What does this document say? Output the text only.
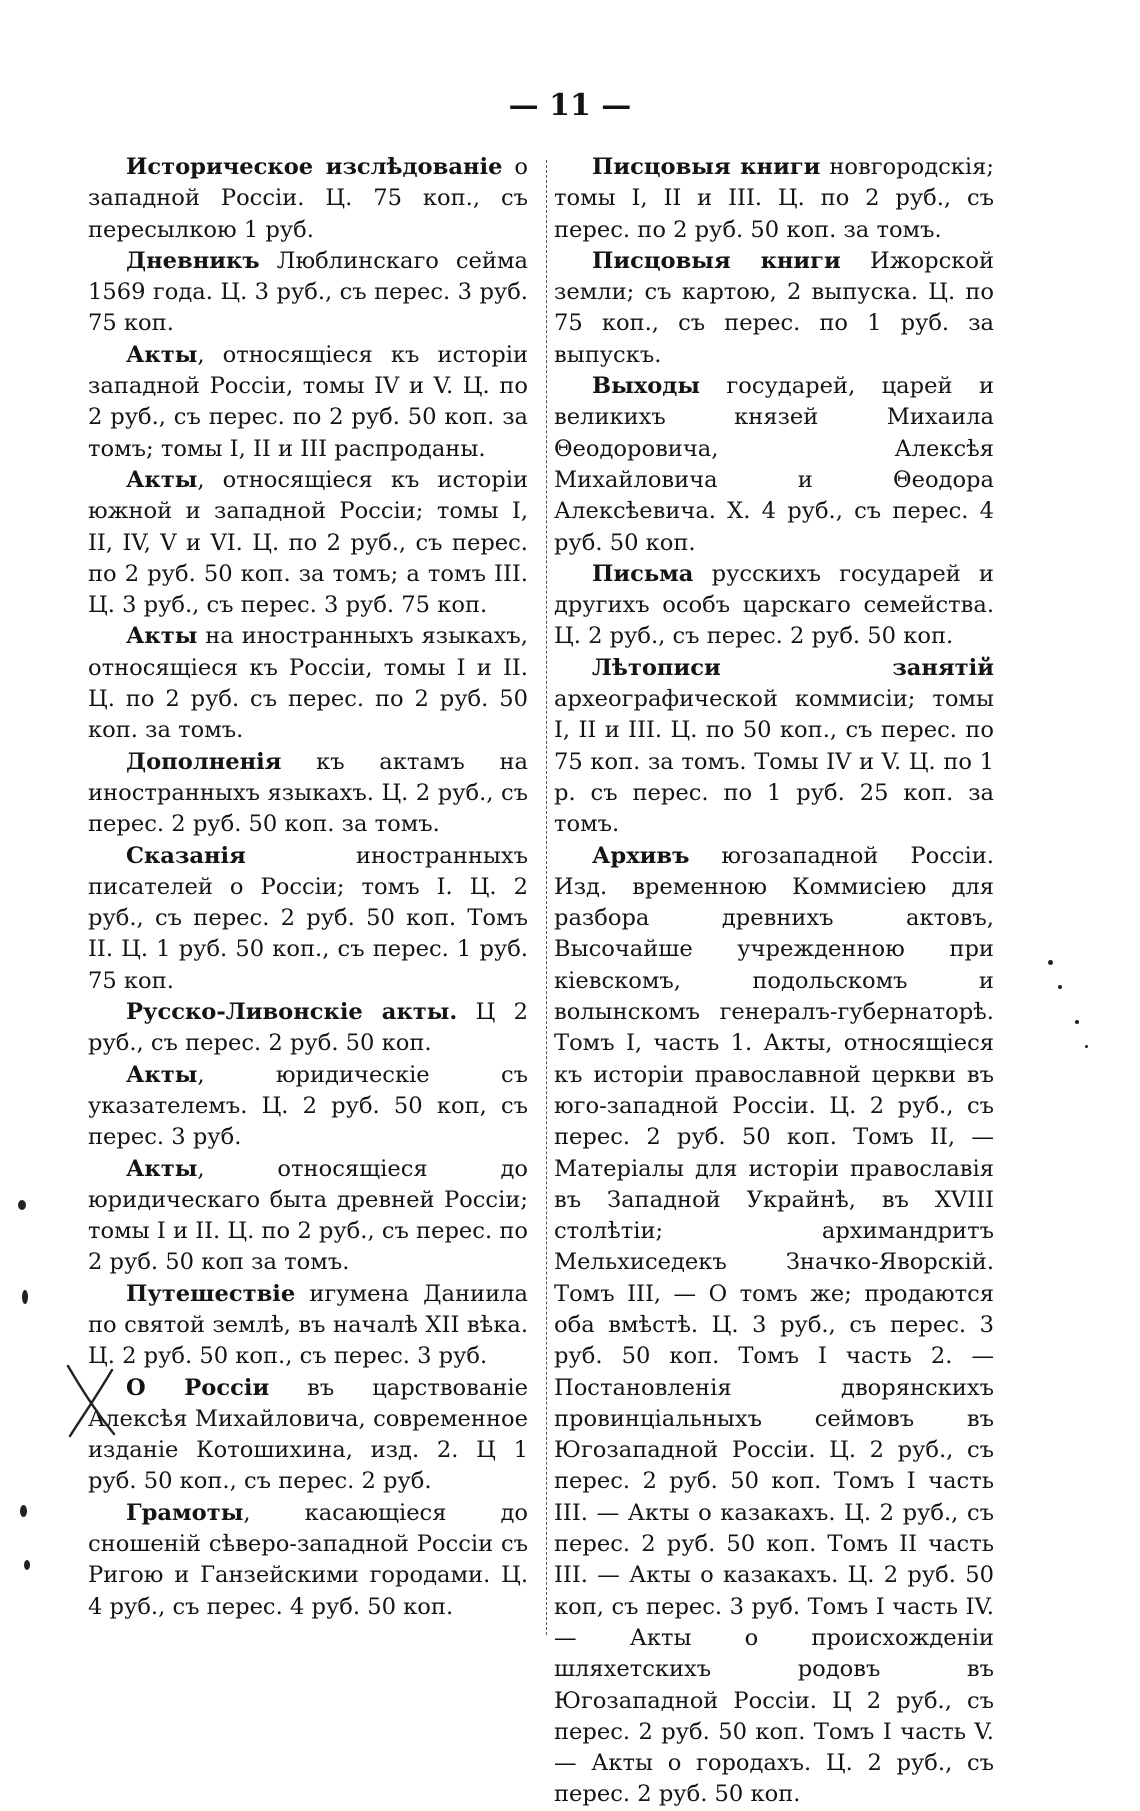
— 11 —

Историческое изслѣдованiе о западной Россiи. Ц. 75 коп., съ пересылкою 1 руб.

Дневникъ Люблинскаго сейма 1569 года. Ц. 3 руб., съ перес. 3 руб. 75 коп.

Акты, относящiеся къ исторiи западной Россiи, томы IV и V. Ц. по 2 руб., съ перес. по 2 руб. 50 коп. за томъ; томы I, II и III распроданы.

Акты, относящiеся къ исторiи южной и западной Россiи; томы I, II, IV, V и VI. Ц. по 2 руб., съ перес. по 2 руб. 50 коп. за томъ; а томъ III. Ц. 3 руб., съ перес. 3 руб. 75 коп.

Акты на иностранныхъ языкахъ, относящiеся къ Россiи, томы I и II. Ц. по 2 руб. съ перес. по 2 руб. 50 коп. за томъ.

Дополненiя къ актамъ на иностранныхъ языкахъ. Ц. 2 руб., съ перес. 2 руб. 50 коп. за томъ.

Сказанiя иностранныхъ писателей о Россiи; томъ I. Ц. 2 руб., съ перес. 2 руб. 50 коп. Томъ II. Ц. 1 руб. 50 коп., съ перес. 1 руб. 75 коп.

Русско-Ливонскiе акты. Ц 2 руб., съ перес. 2 руб. 50 коп.

Акты, юридическiе съ указателемъ. Ц. 2 руб. 50 коп, съ перес. 3 руб.

Акты, относящiеся до юридическаго быта древней Россiи; томы I и II. Ц. по 2 руб., съ перес. по 2 руб. 50 коп за томъ.

Путешествiе игумена Даниила по святой землѣ, въ началѣ XII вѣка. Ц. 2 руб. 50 коп., съ перес. 3 руб.

О Россiи въ царствованiе Алексѣя Михайловича, современное изданiе Котошихина, изд. 2. Ц 1 руб. 50 коп., съ перес. 2 руб.

Грамоты, касающiеся до сношенiй сѣверо-западной Россiи съ Ригою и Ганзейскими городами. Ц. 4 руб., съ перес. 4 руб. 50 коп.

Писцовыя книги новгородскiя; томы I, II и III. Ц. по 2 руб., съ перес. по 2 руб. 50 коп. за томъ.

Писцовыя книги Ижорской земли; съ картою, 2 выпуска. Ц. по 75 коп., съ перес. по 1 руб. за выпускъ.

Выходы государей, царей и великихъ князей Михаила Θеодоровича, Алексѣя Михайловича и Θеодора Алексѣевича. Х. 4 руб., съ перес. 4 руб. 50 коп.

Письма русскихъ государей и другихъ особъ царскаго семейства. Ц. 2 руб., съ перес. 2 руб. 50 коп.

Лѣтописи занятiй археографической коммисiи; томы I, II и III. Ц. по 50 коп., съ перес. по 75 коп. за томъ. Томы IV и V. Ц. по 1 р. съ перес. по 1 руб. 25 коп. за томъ.

Архивъ югозападной Россiи. Изд. временною Коммисiею для разбора древнихъ актовъ, Высочайше учрежденною при кiевскомъ, подольскомъ и волынскомъ генералъ-губернаторѣ. Томъ I, часть 1. Акты, относящiеся къ исторiи православной церкви въ юго-западной Россiи. Ц. 2 руб., съ перес. 2 руб. 50 коп. Томъ II, — Матерiалы для исторiи православiя въ Западной Украйнѣ, въ XVIII столѣтiи; архимандритъ Мельхиседекъ Значко-Яворскiй. Томъ III, — О томъ же; продаются оба вмѣстѣ. Ц. 3 руб., съ перес. 3 руб. 50 коп. Томъ I часть 2. — Постановленiя дворянскихъ провинцiальныхъ сеймовъ въ Югозападной Россiи. Ц. 2 руб., съ перес. 2 руб. 50 коп. Томъ I часть III. — Акты о казакахъ. Ц. 2 руб., съ перес. 2 руб. 50 коп. Томъ II часть III. — Акты о казакахъ. Ц. 2 руб. 50 коп, съ перес. 3 руб. Томъ I часть IV. — Акты о происхожденiи шляхетскихъ родовъ въ Югозападной Россiи. Ц 2 руб., съ перес. 2 руб. 50 коп. Томъ I часть V. — Акты о городахъ. Ц. 2 руб., съ перес. 2 руб. 50 коп.
